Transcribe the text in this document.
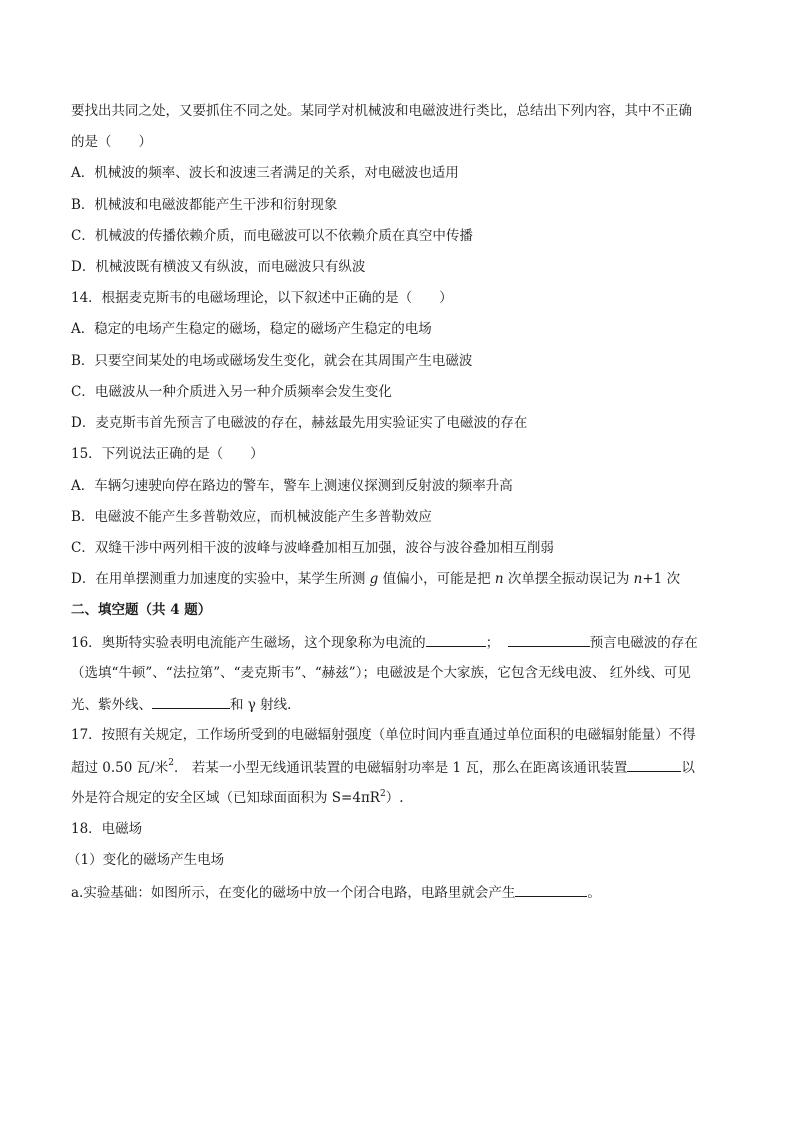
要找出共同之处，又要抓住不同之处。某同学对机械波和电磁波进行类比，总结出下列内容，其中不正确
的是（　　）
A．机械波的频率、波长和波速三者满足的关系，对电磁波也适用
B．机械波和电磁波都能产生干涉和衍射现象
C．机械波的传播依赖介质，而电磁波可以不依赖介质在真空中传播
D．机械波既有横波又有纵波，而电磁波只有纵波
14．根据麦克斯韦的电磁场理论，以下叙述中正确的是（　　）
A．稳定的电场产生稳定的磁场，稳定的磁场产生稳定的电场
B．只要空间某处的电场或磁场发生变化，就会在其周围产生电磁波
C．电磁波从一种介质进入另一种介质频率会发生变化
D．麦克斯韦首先预言了电磁波的存在，赫兹最先用实验证实了电磁波的存在
15．下列说法正确的是（　　）
A．车辆匀速驶向停在路边的警车，警车上测速仪探测到反射波的频率升高
B．电磁波不能产生多普勒效应，而机械波能产生多普勒效应
C．双缝干涉中两列相干波的波峰与波峰叠加相互加强，波谷与波谷叠加相互削弱
D．在用单摆测重力加速度的实验中，某学生所测 g 值偏小，可能是把 n 次单摆全振动误记为 n+1 次
二、填空题（共 4 题）
16．奥斯特实验表明电流能产生磁场，这个现象称为电流的	；	预言电磁波的存在
（选填“牛顿”、“法拉第”、“麦克斯韦”、“赫兹”）；电磁波是个大家族，它包含无线电波、 红外线、可见
光、紫外线、	和 γ 射线．
17．按照有关规定，工作场所受到的电磁辐射强度（单位时间内垂直通过单位面积的电磁辐射能量）不得
超过 0.50 瓦/米$^2$． 若某一小型无线通讯装置的电磁辐射功率是 1 瓦，那么在距离该通讯装置	以
外是符合规定的安全区域（已知球面面积为 $S=4\pi R^2$）.
18．电磁场
（1）变化的磁场产生电场
a.实验基础：如图所示，在变化的磁场中放一个闭合电路，电路里就会产生	。
